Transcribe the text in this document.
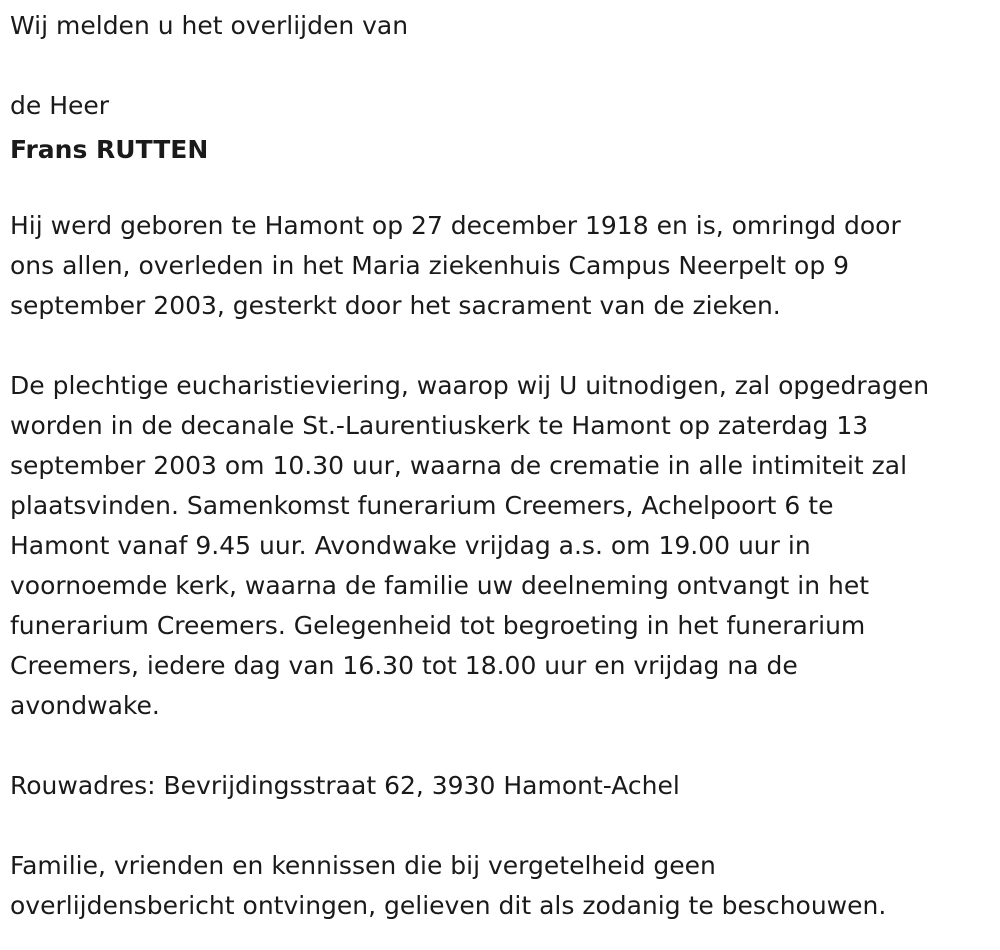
Wij melden u het overlijden van
de Heer
Frans RUTTEN
Hij werd geboren te Hamont op 27 december 1918 en is, omringd door
ons allen, overleden in het Maria ziekenhuis Campus Neerpelt op 9
september 2003, gesterkt door het sacrament van de zieken.
De plechtige eucharistieviering, waarop wij U uitnodigen, zal opgedragen
worden in de decanale St.-Laurentiuskerk te Hamont op zaterdag 13
september 2003 om 10.30 uur, waarna de crematie in alle intimiteit zal
plaatsvinden. Samenkomst funerarium Creemers, Achelpoort 6 te
Hamont vanaf 9.45 uur. Avondwake vrijdag a.s. om 19.00 uur in
voornoemde kerk, waarna de familie uw deelneming ontvangt in het
funerarium Creemers. Gelegenheid tot begroeting in het funerarium
Creemers, iedere dag van 16.30 tot 18.00 uur en vrijdag na de
avondwake.
Rouwadres: Bevrijdingsstraat 62, 3930 Hamont-Achel
Familie, vrienden en kennissen die bij vergetelheid geen
overlijdensbericht ontvingen, gelieven dit als zodanig te beschouwen.
